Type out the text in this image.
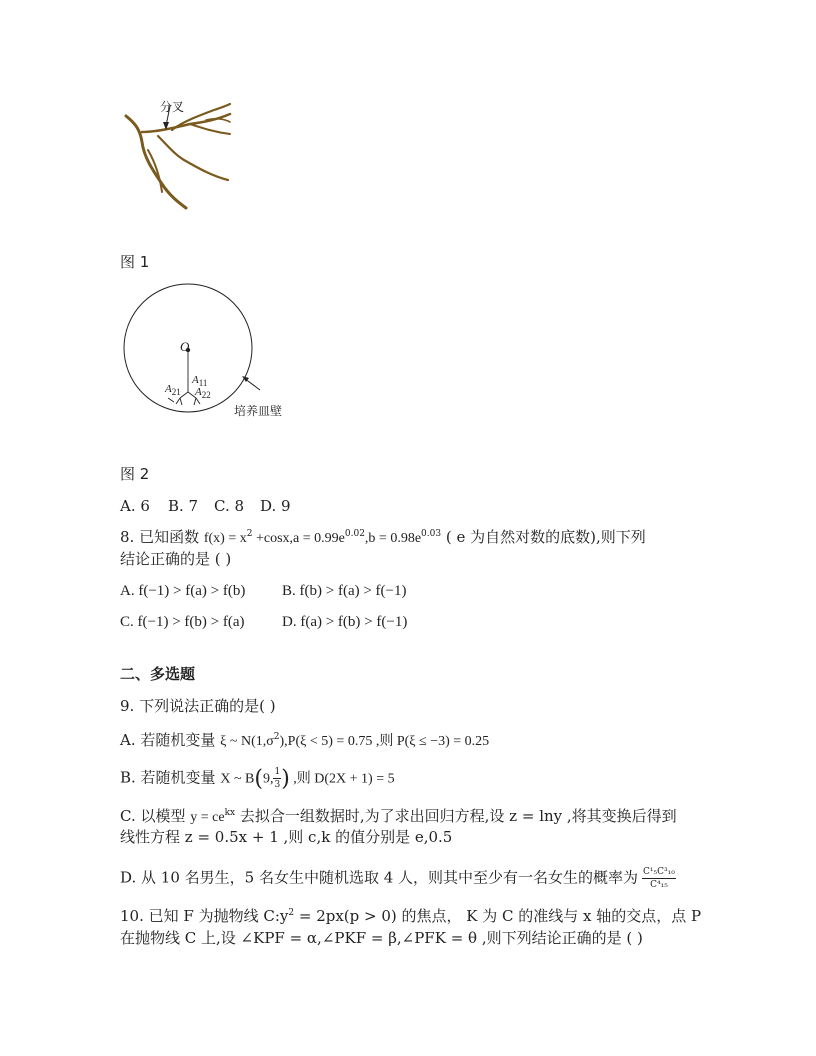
分叉
图 1
O
$A_{11}$
$A_{21}$ $A_{22}$
培养皿壁
图 2
A. 6 B. 7 C. 8 D. 9
8. 已知函数 $f(x) = x^2 +\cos x,a = 0.99e^{0.02},b = 0.98e^{0.03}$ ( e 为自然对数的底数),则下列
结论正确的是 ( )
A. f(−1) > f(a) > f(b) B. f(b) > f(a) > f(−1)
C. f(−1) > f(b) > f(a)	D. f(a) > f(b) > f(−1)
二、多选题
9. 下列说法正确的是( )
A. 若随机变量 ξ ~ $N(1,\sigma^2),P(\xi < 5) = 0.75$ ,则 P(ξ ≤ −3) = 0.25
B. 若随机变量 X ~ B(9, $\frac{1}{3}$ ) ,则 D(2X + 1) = 5
C. 以模型 $y = ce^{kx}$ 去拟合一组数据时,为了求出回归方程,设 z = lny ,将其变换后得到
线性方程 z = 0.5x + 1 ,则 c,k 的值分别是 e,0.5
D. 从 10 名男生，5 名女生中随机选取 4 人，则其中至少有一名女生的概率为 $\frac{\text{C¹₅C³₁₀}}{\text{C⁴₁₅}}$
10. 已知 F 为抛物线 $C:y^2 = 2px(p > 0)$ 的焦点， K 为 C 的准线与 x 轴的交点，点 P
在抛物线 C 上,设 ∠KPF = α,∠PKF = β,∠PFK = θ ,则下列结论正确的是 ( )
